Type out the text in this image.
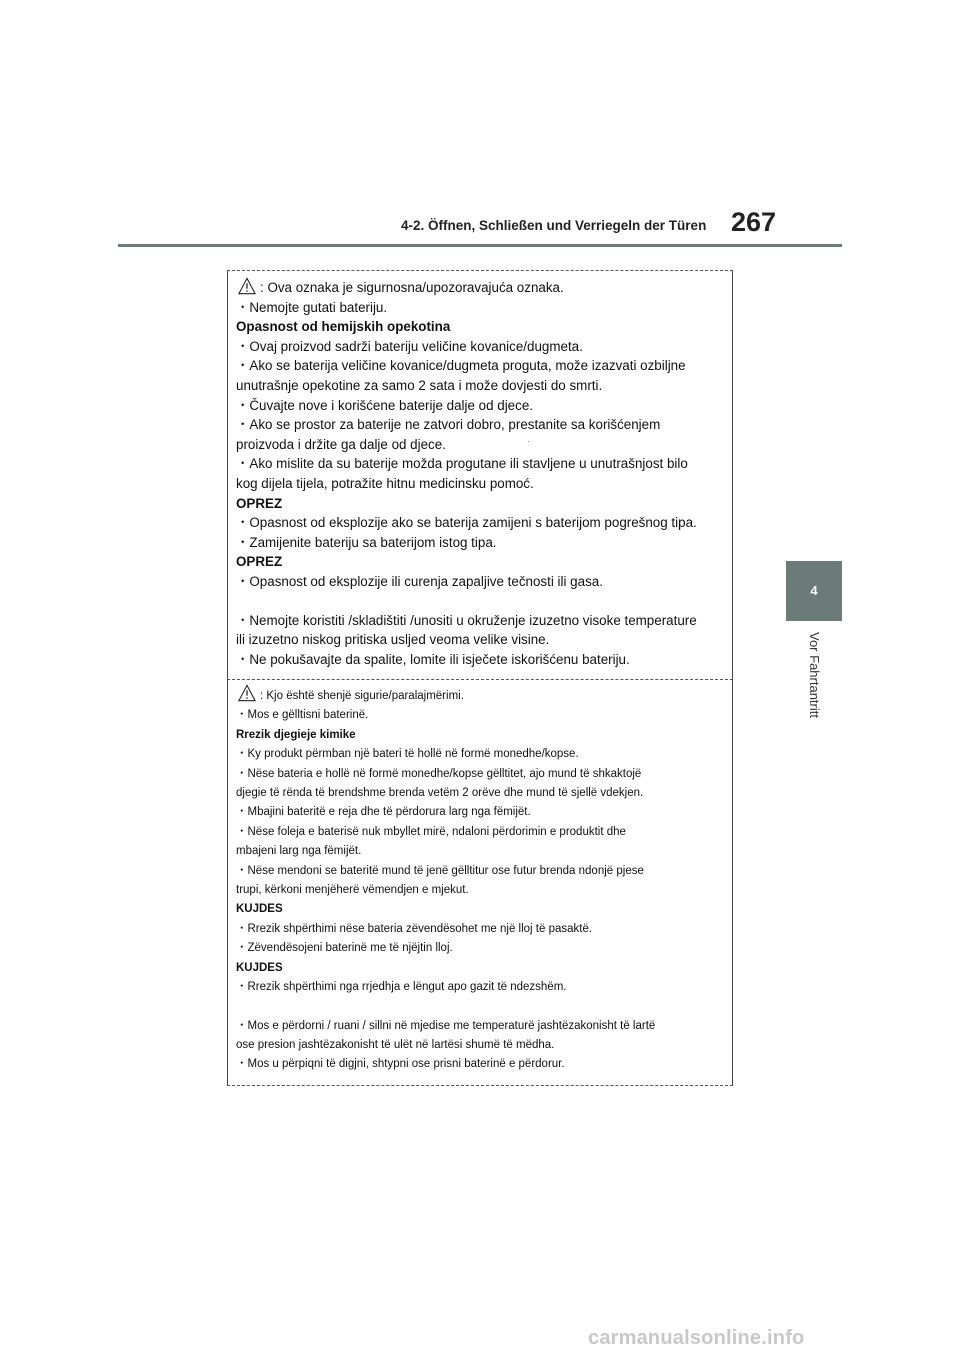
4-2. Öffnen, Schließen und Verriegeln der Türen 267
4
Vor Fahrtantritt
: Ova oznaka je sigurnosna/upozoravajuća oznaka.
・Nemojte gutati bateriju.
Opasnost od hemijskih opekotina
・Ovaj proizvod sadrži bateriju veličine kovanice/dugmeta.
・Ako se baterija veličine kovanice/dugmeta proguta, može izazvati ozbiljne
unutrašnje opekotine za samo 2 sata i može dovjesti do smrti.
・Čuvajte nove i korišćene baterije dalje od djece.
・Ako se prostor za baterije ne zatvori dobro, prestanite sa korišćenjem
proizvoda i držite ga dalje od djece.
・Ako mislite da su baterije možda progutane ili stavljene u unutrašnjost bilo
kog dijela tijela, potražite hitnu medicinsku pomoć.
OPREZ
・Opasnost od eksplozije ako se baterija zamijeni s baterijom pogrešnog tipa.
・Zamijenite bateriju sa baterijom istog tipa.
OPREZ
・Opasnost od eksplozije ili curenja zapaljive tečnosti ili gasa.
・Nemojte koristiti /skladištiti /unositi u okruženje izuzetno visoke temperature
ili izuzetno niskog pritiska usljed veoma velike visine.
・Ne pokušavajte da spalite, lomite ili isječete iskorišćenu bateriju.
: Kjo është shenjë sigurie/paralajmërimi.
・Mos e gëlltisni baterinë.
Rrezik djegieje kimike
・Ky produkt përmban një bateri të hollë në formë monedhe/kopse.
・Nëse bateria e hollë në formë monedhe/kopse gëlltitet, ajo mund të shkaktojë
djegie të rënda të brendshme brenda vetëm 2 orëve dhe mund të sjellë vdekjen.
・Mbajini bateritë e reja dhe të përdorura larg nga fëmijët.
・Nëse foleja e baterisë nuk mbyllet mirë, ndaloni përdorimin e produktit dhe
mbajeni larg nga fëmijët.
・Nëse mendoni se bateritë mund të jenë gëlltitur ose futur brenda ndonjë pjese
trupi, kërkoni menjëherë vëmendjen e mjekut.
KUJDES
・Rrezik shpërthimi nëse bateria zëvendësohet me një lloj të pasaktë.
・Zëvendësojeni baterinë me të njëjtin lloj.
KUJDES
・Rrezik shpërthimi nga rrjedhja e lëngut apo gazit të ndezshëm.
・Mos e përdorni / ruani / sillni në mjedise me temperaturë jashtëzakonisht të lartë
ose presion jashtëzakonisht të ulët në lartësi shumë të mëdha.
・Mos u përpiqni të digjni, shtypni ose prisni baterinë e përdorur.
carmanualsonline.info
